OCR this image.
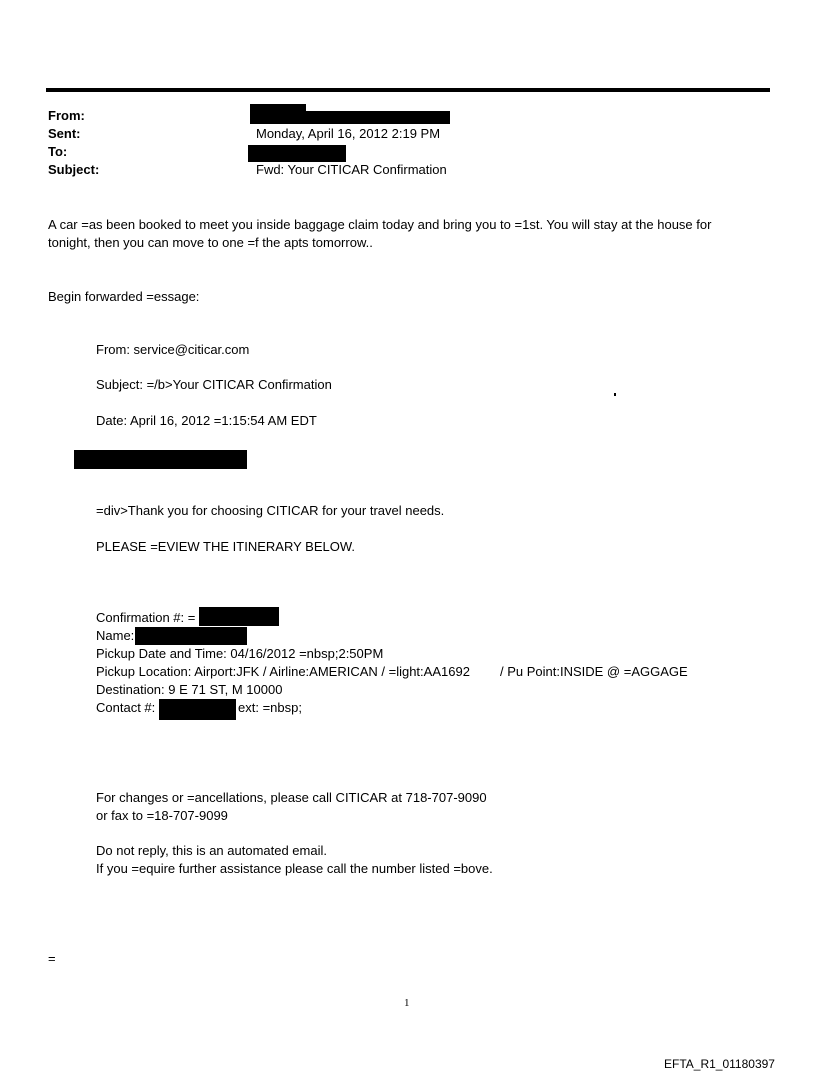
From:
Sent:
To:
Subject:
Monday, April 16, 2012 2:19 PM
Fwd: Your CITICAR Confirmation
A car =as been booked to meet you inside baggage claim today and bring you to =1st. You will stay at the house for
tonight, then you can move to one =f the apts tomorrow..
Begin forwarded =essage:
From: service@citicar.com
Subject: =/b>Your CITICAR Confirmation
Date: April 16, 2012 =1:15:54 AM EDT
=div>Thank you for choosing CITICAR for your travel needs.
PLEASE =EVIEW THE ITINERARY BELOW.
Confirmation #: =
Name:
Pickup Date and Time: 04/16/2012 =nbsp;2:50PM
Pickup Location: Airport:JFK / Airline:AMERICAN / =light:AA1692 / Pu Point:INSIDE @ =AGGAGE
Destination: 9 E 71 ST, M 10000
Contact #:	ext: =nbsp;
For changes or =ancellations, please call CITICAR at 718-707-9090
or fax to =18-707-9099
Do not reply, this is an automated email.
If you =equire further assistance please call the number listed =bove.
=
1
EFTA_R1_01180397
